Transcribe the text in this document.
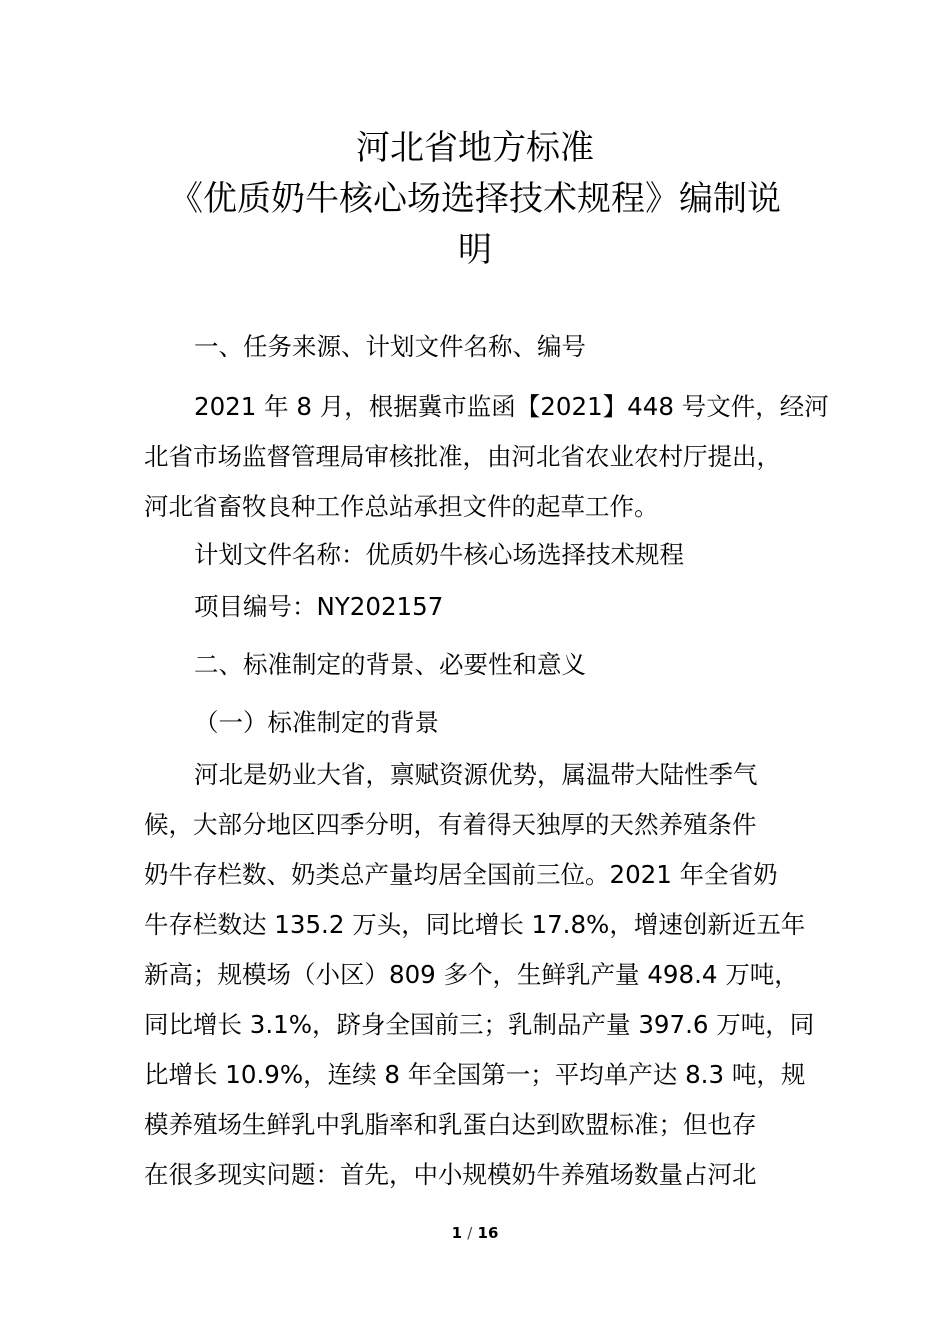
河北省地方标准
《优质奶牛核心场选择技术规程》编制说
明
一、任务来源、计划文件名称、编号
2021 年 8 月，根据冀市监函【2021】448 号文件，经河
北省市场监督管理局审核批准，由河北省农业农村厅提出，
河北省畜牧良种工作总站承担文件的起草工作。
计划文件名称：优质奶牛核心场选择技术规程
项目编号：NY202157
二、标准制定的背景、必要性和意义
（一）标准制定的背景
河北是奶业大省，禀赋资源优势，属温带大陆性季气
候，大部分地区四季分明，有着得天独厚的天然养殖条件
奶牛存栏数、奶类总产量均居全国前三位。2021 年全省奶
牛存栏数达 135.2 万头，同比增长 17.8%，增速创新近五年
新高；规模场（小区）809 多个，生鲜乳产量 498.4 万吨，
同比增长 3.1%，跻身全国前三；乳制品产量 397.6 万吨，同
比增长 10.9%，连续 8 年全国第一；平均单产达 8.3 吨，规
模养殖场生鲜乳中乳脂率和乳蛋白达到欧盟标准；但也存
在很多现实问题：首先，中小规模奶牛养殖场数量占河北
1 / 16
